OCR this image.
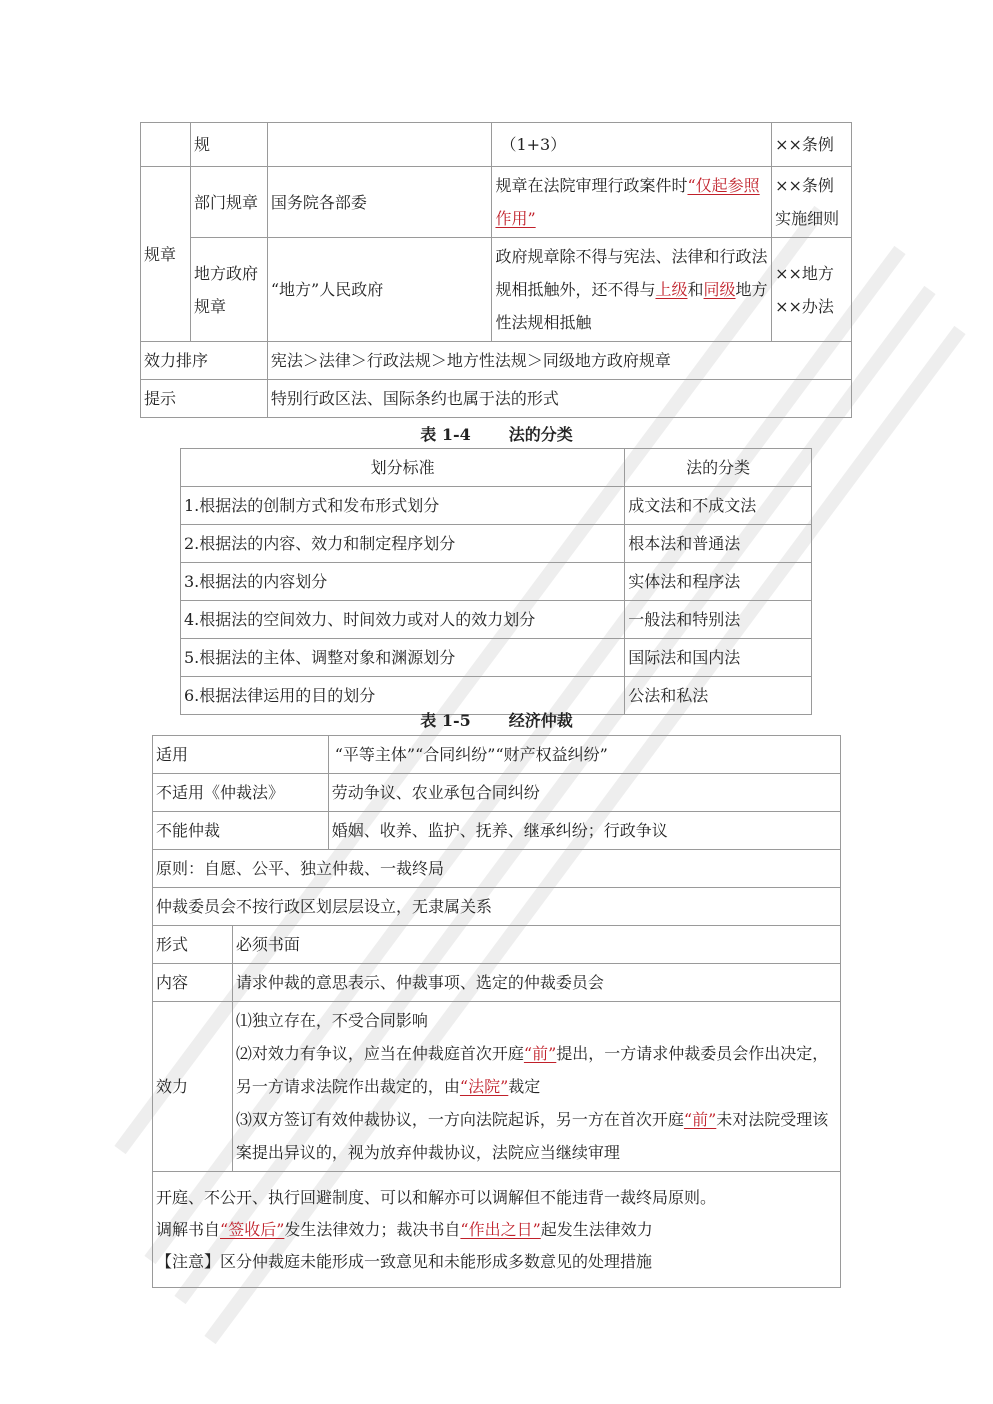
	规		（1+3）	××条例
规章	部门规章	国务院各部委	规章在法院审理行政案件时“仅起参照作用”	××条例实施细则
	地方政府规章	“地方”人民政府	政府规章除不得与宪法、法律和行政法规相抵触外，还不得与上级和同级地方性法规相抵触	××地方××办法
效力排序		宪法＞法律＞行政法规＞地方性法规＞同级地方政府规章		
提示		特别行政区法、国际条约也属于法的形式		
表 1-4 法的分类
划分标准	法的分类
1.根据法的创制方式和发布形式划分	成文法和不成文法
2.根据法的内容、效力和制定程序划分	根本法和普通法
3.根据法的内容划分	实体法和程序法
4.根据法的空间效力、时间效力或对人的效力划分	一般法和特别法
5.根据法的主体、调整对象和渊源划分	国际法和国内法
6.根据法律运用的目的划分	公法和私法
表 1-5 经济仲裁
适用		“平等主体”“合同纠纷”“财产权益纠纷”
不适用《仲裁法》		劳动争议、农业承包合同纠纷
不能仲裁		婚姻、收养、监护、抚养、继承纠纷；行政争议
原则：自愿、公平、独立仲裁、一裁终局		
仲裁委员会不按行政区划层层设立，无隶属关系		
形式	必须书面	
内容	请求仲裁的意思表示、仲裁事项、选定的仲裁委员会	
效力	⑴独立存在，不受合同影响
⑵对效力有争议，应当在仲裁庭首次开庭“前”提出，一方请求仲裁委员会作出决定，另一方请求法院作出裁定的，由“法院”裁定
⑶双方签订有效仲裁协议，一方向法院起诉，另一方在首次开庭“前”未对法院受理该案提出异议的，视为放弃仲裁协议，法院应当继续审理	

开庭、不公开、执行回避制度、可以和解亦可以调解但不能违背一裁终局原则。
调解书自“签收后”发生法律效力；裁决书自“作出之日”起发生法律效力
【注意】区分仲裁庭未能形成一致意见和未能形成多数意见的处理措施		
